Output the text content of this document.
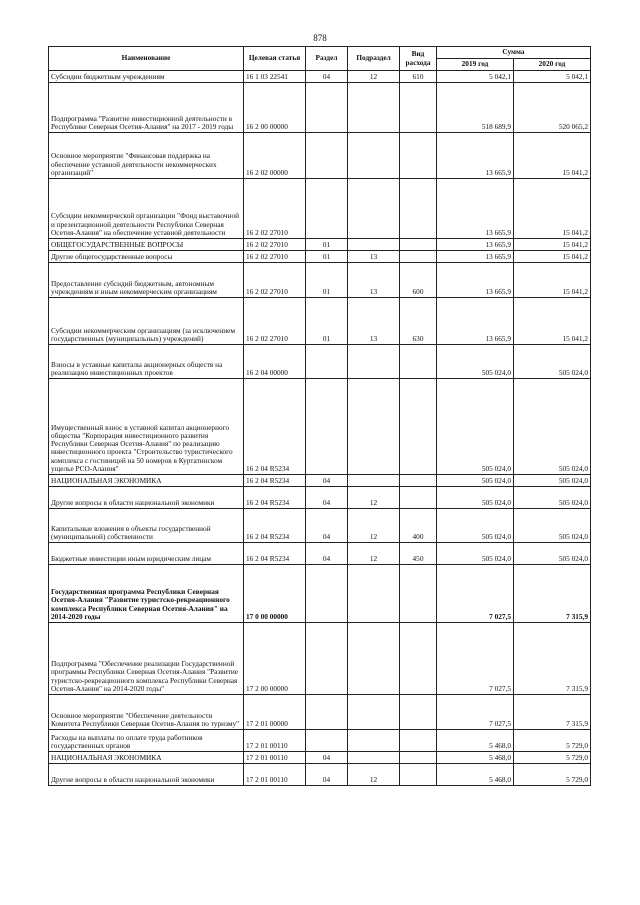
878
Наименование	Целевая статья	Раздел	Подраздел	Вид расхода	Сумма	
					2019 год	2020 год
Субсидии бюджетным учреждениям	16 1 03 22541	04	12	610	5 042,1	5 042,1
Подпрограмма "Развитие инвестиционной деятельности в Республике Северная Осетия-Алания" на 2017 - 2019 годы	16 2 00 00000				518 689,9	520 065,2
Основное мероприятие "Финансовая поддержка на обеспечение уставной деятельности некоммерческих организаций"	16 2 02 00000				13 665,9	15 041,2
Субсидии некоммерческой организации "Фонд выставочной и презентационной деятельности Республики Северная Осетия-Алания" на обеспечение уставной деятельности	16 2 02 27010				13 665,9	15 041,2
ОБЩЕГОСУДАРСТВЕННЫЕ ВОПРОСЫ	16 2 02 27010	01			13 665,9	15 041,2
Другие общегосударственные вопросы	16 2 02 27010	01	13		13 665,9	15 041,2
Предоставление субсидий бюджетным, автономным учреждениям и иным некоммерческим организациям	16 2 02 27010	01	13	600	13 665,9	15 041,2
Субсидии некоммерческим организациям (за исключением государственных (муниципальных) учреждений)	16 2 02 27010	01	13	630	13 665,9	15 041,2
Взносы в уставные капиталы акционерных обществ на реализацию инвестиционных проектов	16 2 04 00000				505 024,0	505 024,0
Имущественный взнос в уставной капитал акционерного общества "Корпорация инвестиционного развития Республики Северная Осетия-Алания" по реализацию инвестиционного проекта "Строительство туристического комплекса с гостиницей на 50 номеров в Куртатинском ущелье РСО-Алания"	16 2 04 R5234				505 024,0	505 024,0
НАЦИОНАЛЬНАЯ ЭКОНОМИКА	16 2 04 R5234	04			505 024,0	505 024,0
Другие вопросы в области национальной экономики	16 2 04 R5234	04	12		505 024,0	505 024,0
Капитальные вложения в объекты государственной (муниципальной) собственности	16 2 04 R5234	04	12	400	505 024,0	505 024,0
Бюджетные инвестиции иным юридическим лицам	16 2 04 R5234	04	12	450	505 024,0	505 024,0
Государственная программа Республики Северная Осетия-Алания "Развитие туристско-рекреационного комплекса Республики Северная Осетия-Алания" на 2014-2020 годы	17 0 00 00000				7 027,5	7 315,9
Подпрограмма "Обеспечение реализации Государственной программы Республики Северная Осетия-Алания "Развитие туристско-рекреационного комплекса Республики Северная Осетия-Алания" на 2014-2020 годы"	17 2 00 00000				7 027,5	7 315,9
Основное мероприятие "Обеспечение деятельности Комитета Республики Северная Осетия-Алания по туризму"	17 2 01 00000				7 027,5	7 315,9
Расходы на выплаты по оплате труда работников государственных органов	17 2 01 00110				5 468,0	5 729,0
НАЦИОНАЛЬНАЯ ЭКОНОМИКА	17 2 01 00110	04			5 468,0	5 729,0
Другие вопросы в области национальной экономики	17 2 01 00110	04	12		5 468,0	5 729,0
